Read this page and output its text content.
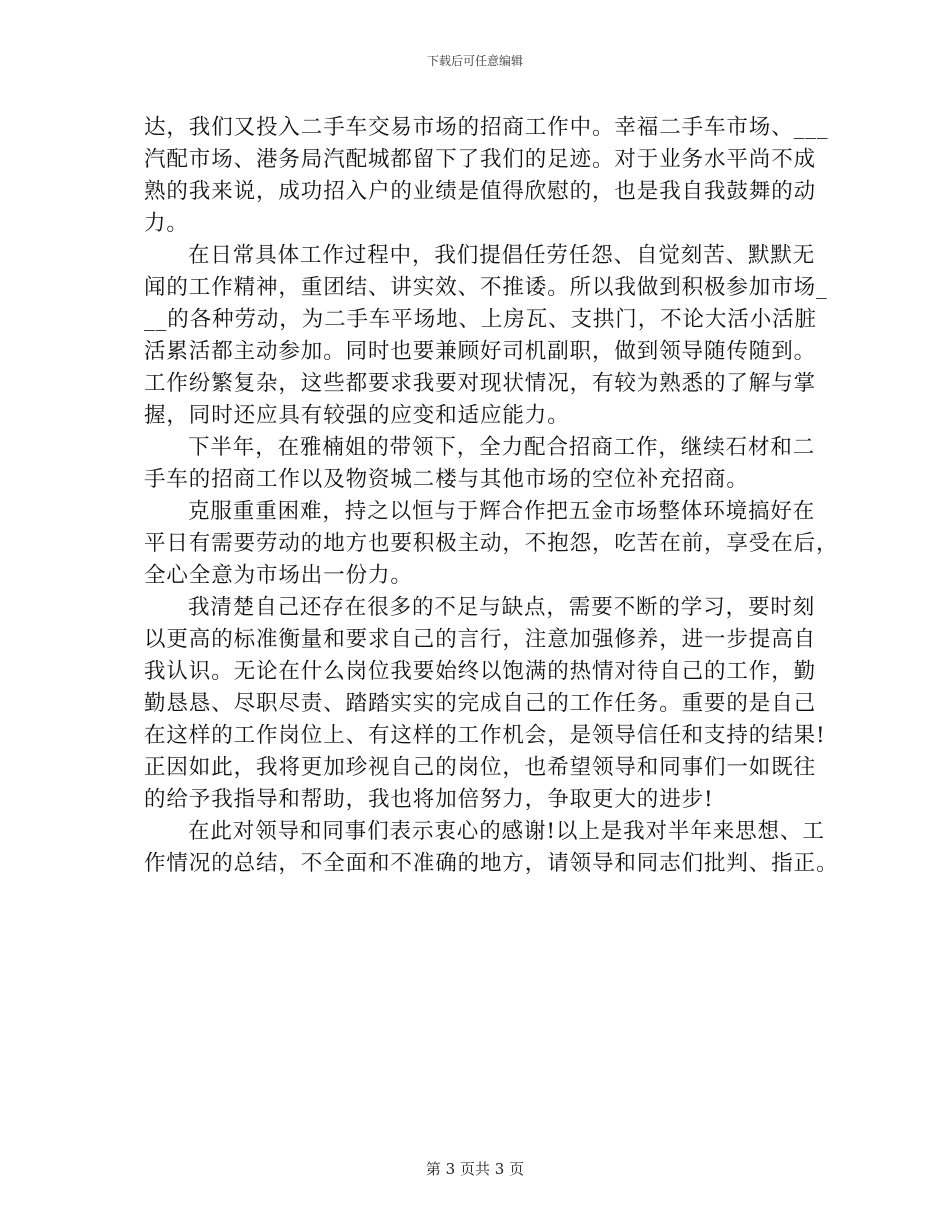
下载后可任意编辑
达，我们又投入二手车交易市场的招商工作中。幸福二手车市场、___
汽配市场、港务局汽配城都留下了我们的足迹。对于业务水平尚不成
熟的我来说，成功招入户的业绩是值得欣慰的，也是我自我鼓舞的动
力。
在日常具体工作过程中，我们提倡任劳任怨、自觉刻苦、默默无
闻的工作精神，重团结、讲实效、不推诿。所以我做到积极参加市场_
__的各种劳动，为二手车平场地、上房瓦、支拱门，不论大活小活脏
活累活都主动参加。同时也要兼顾好司机副职，做到领导随传随到。
工作纷繁复杂，这些都要求我要对现状情况，有较为熟悉的了解与掌
握，同时还应具有较强的应变和适应能力。
下半年，在雅楠姐的带领下，全力配合招商工作，继续石材和二
手车的招商工作以及物资城二楼与其他市场的空位补充招商。
克服重重困难，持之以恒与于辉合作把五金市场整体环境搞好在
平日有需要劳动的地方也要积极主动，不抱怨，吃苦在前，享受在后，
全心全意为市场出一份力。
我清楚自己还存在很多的不足与缺点，需要不断的学习，要时刻
以更高的标准衡量和要求自己的言行，注意加强修养，进一步提高自
我认识。无论在什么岗位我要始终以饱满的热情对待自己的工作，勤
勤恳恳、尽职尽责、踏踏实实的完成自己的工作任务。重要的是自己
在这样的工作岗位上、有这样的工作机会，是领导信任和支持的结果!
正因如此，我将更加珍视自己的岗位，也希望领导和同事们一如既往
的给予我指导和帮助，我也将加倍努力，争取更大的进步!
在此对领导和同事们表示衷心的感谢!以上是我对半年来思想、工
作情况的总结，不全面和不准确的地方，请领导和同志们批判、指正。
第 3 页共 3 页
